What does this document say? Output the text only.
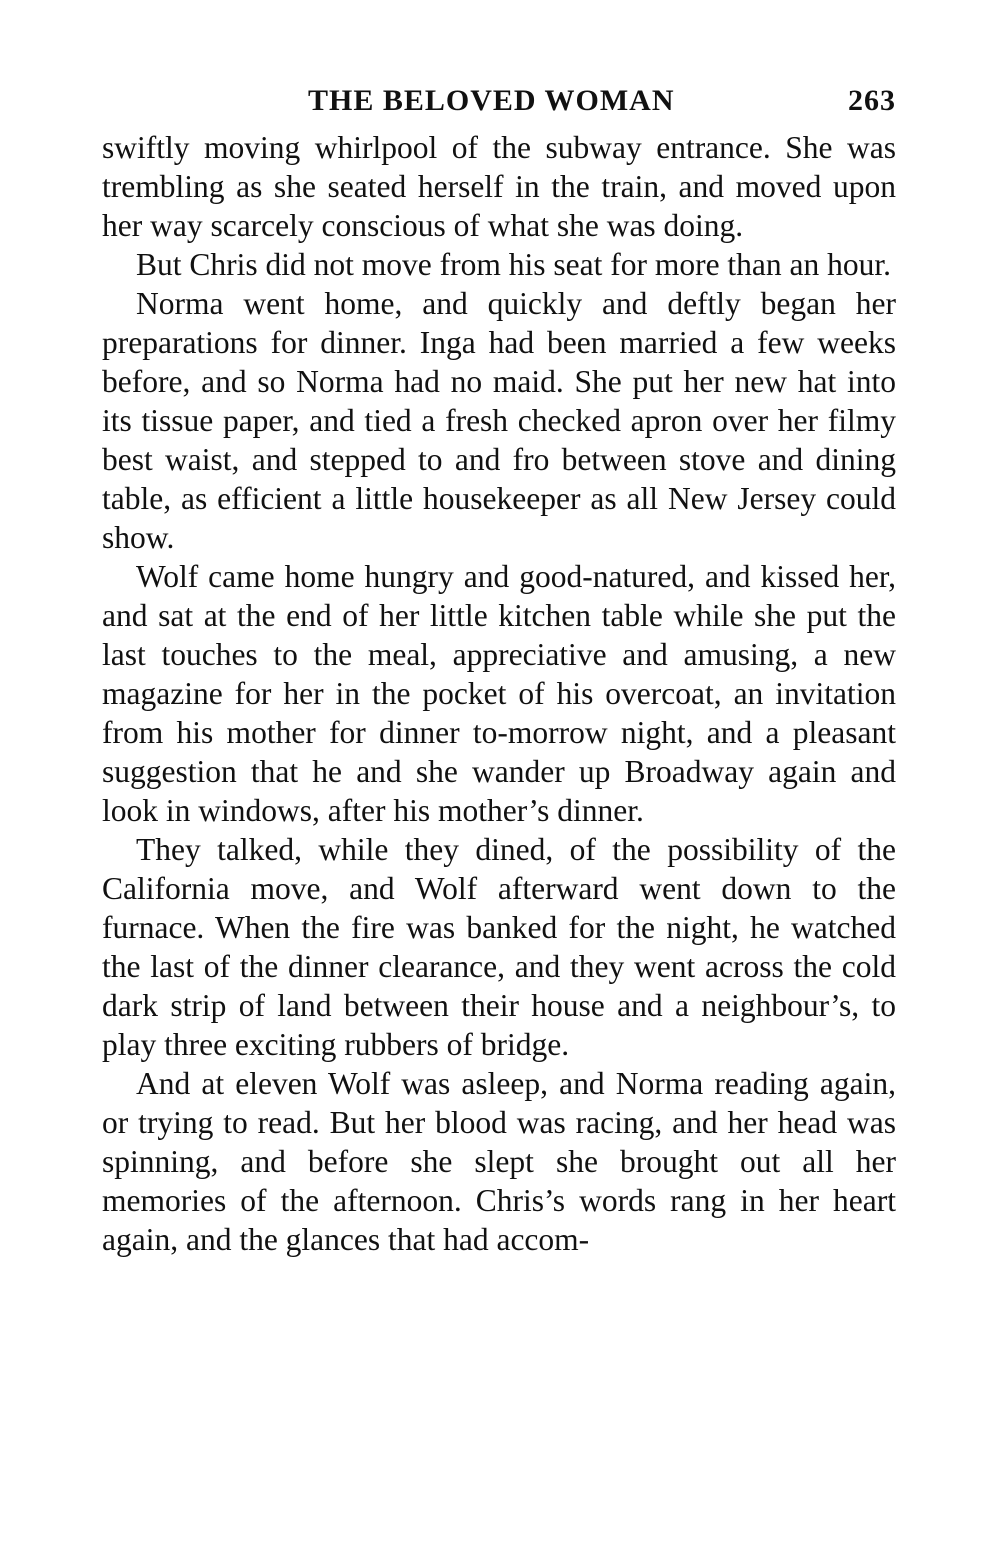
THE BELOVED WOMAN	263

swiftly moving whirlpool of the subway entrance. She was trembling as she seated herself in the train, and moved upon her way scarcely conscious of what she was doing.

But Chris did not move from his seat for more than an hour.

Norma went home, and quickly and deftly began her preparations for dinner. Inga had been married a few weeks before, and so Norma had no maid. She put her new hat into its tissue paper, and tied a fresh checked apron over her filmy best waist, and stepped to and fro between stove and dining table, as efficient a little housekeeper as all New Jersey could show.

Wolf came home hungry and good-natured, and kissed her, and sat at the end of her little kitchen table while she put the last touches to the meal, appreciative and amusing, a new magazine for her in the pocket of his overcoat, an invitation from his mother for dinner to-morrow night, and a pleasant suggestion that he and she wander up Broadway again and look in windows, after his mother’s dinner.

They talked, while they dined, of the possibility of the California move, and Wolf afterward went down to the furnace. When the fire was banked for the night, he watched the last of the dinner clearance, and they went across the cold dark strip of land between their house and a neighbour’s, to play three exciting rubbers of bridge.

And at eleven Wolf was asleep, and Norma reading again, or trying to read. But her blood was racing, and her head was spinning, and before she slept she brought out all her memories of the afternoon. Chris’s words rang in her heart again, and the glances that had accom-
